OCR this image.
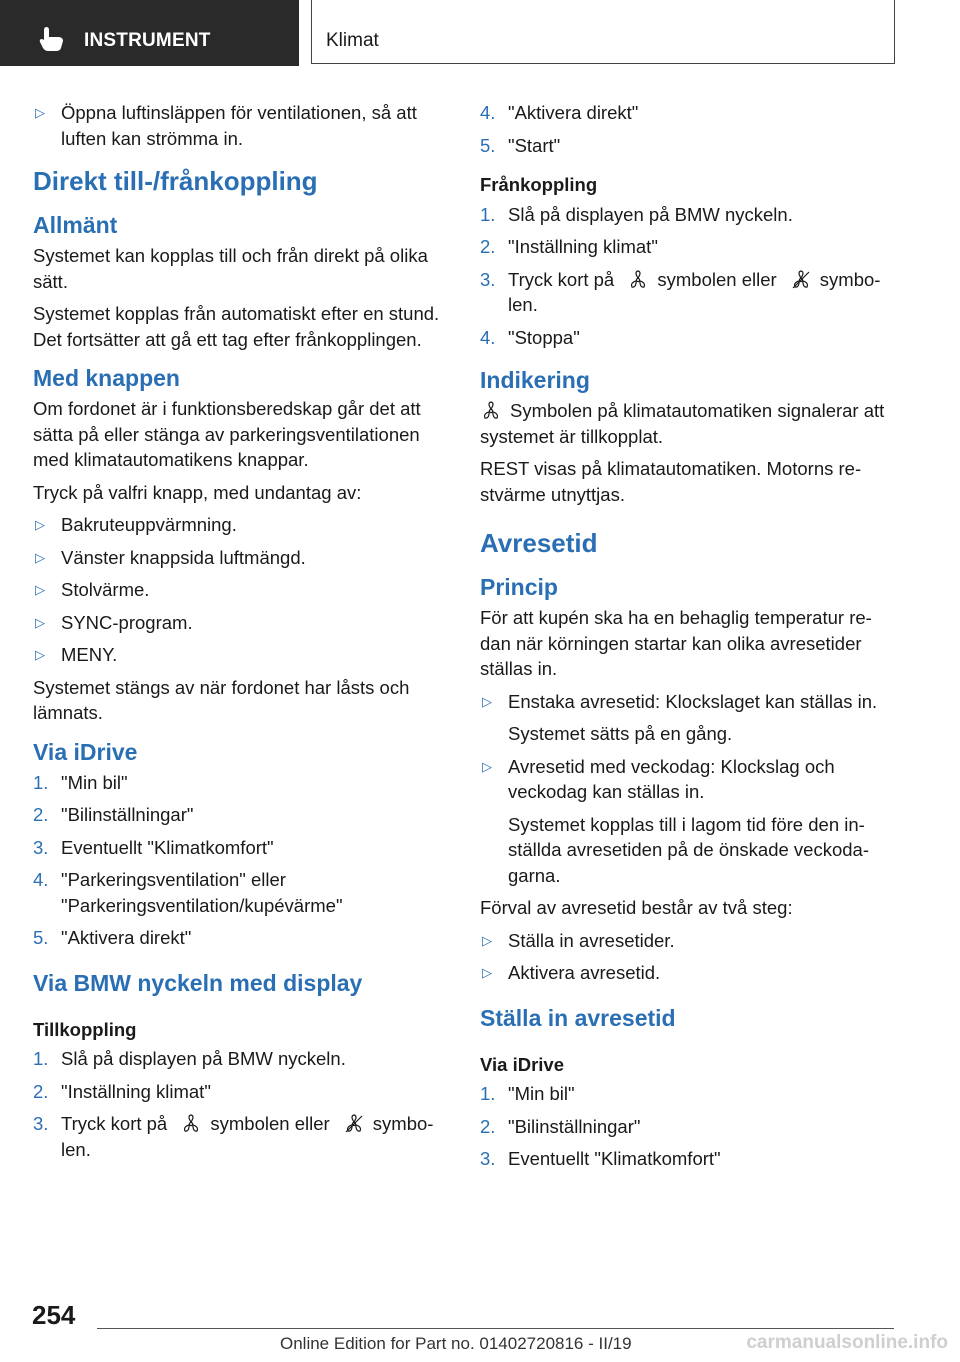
INSTRUMENT	Klimat
▷ Öppna luftinsläppen för ventilationen, så att luften kan strömma in.
Direkt till-/frånkoppling
Allmänt

Systemet kan kopplas till och från direkt på olika sätt.

Systemet kopplas från automatiskt efter en stund. Det fortsätter att gå ett tag efter frånkopplingen.

Med knappen

Om fordonet är i funktionsberedskap går det att sätta på eller stänga av parkeringsventilationen med klimatautomatikens knappar.

Tryck på valfri knapp, med undantag av:

▷ Bakruteuppvärmning.
▷ Vänster knappsida luftmängd.
▷ Stolvärme.
▷ SYNC-program.
▷ MENY.

Systemet stängs av när fordonet har låsts och lämnats.

Via iDrive
1. "Min bil"
2. "Bilinställningar"
3. Eventuellt "Klimatkomfort"
4. "Parkeringsventilation" eller "Parkeringsventilation/kupévärme"
5. "Aktivera direkt"
Via BMW nyckeln med display
Tillkoppling
1. Slå på displayen på BMW nyckeln.
2. "Inställning klimat"
3. Tryck kort på symbolen eller symbolen.
4. "Aktivera direkt"
5. "Start"
Frånkoppling
1. Slå på displayen på BMW nyckeln.
2. "Inställning klimat"
3. Tryck kort på symbolen eller symbolen.
4. "Stoppa"
Indikering

Symbolen på klimatautomatiken signalerar att systemet är tillkopplat.

REST visas på klimatautomatiken. Motorns restvärme utnyttjas.

Avresetid
Princip

För att kupén ska ha en behaglig temperatur redan när körningen startar kan olika avresetider ställas in.

▷ Enstaka avresetid: Klockslaget kan ställas in.
Systemet sätts på en gång.
▷ Avresetid med veckodag: Klockslag och veckodag kan ställas in.
Systemet kopplas till i lagom tid före den inställda avresetiden på de önskade veckodagarna.

Förval av avresetid består av två steg:

▷ Ställa in avresetider.
▷ Aktivera avresetid.
Ställa in avresetid
Via iDrive
1. "Min bil"
2. "Bilinställningar"
3. Eventuellt "Klimatkomfort"
254
Online Edition for Part no. 01402720816 - II/19	carmanualsonline.info
